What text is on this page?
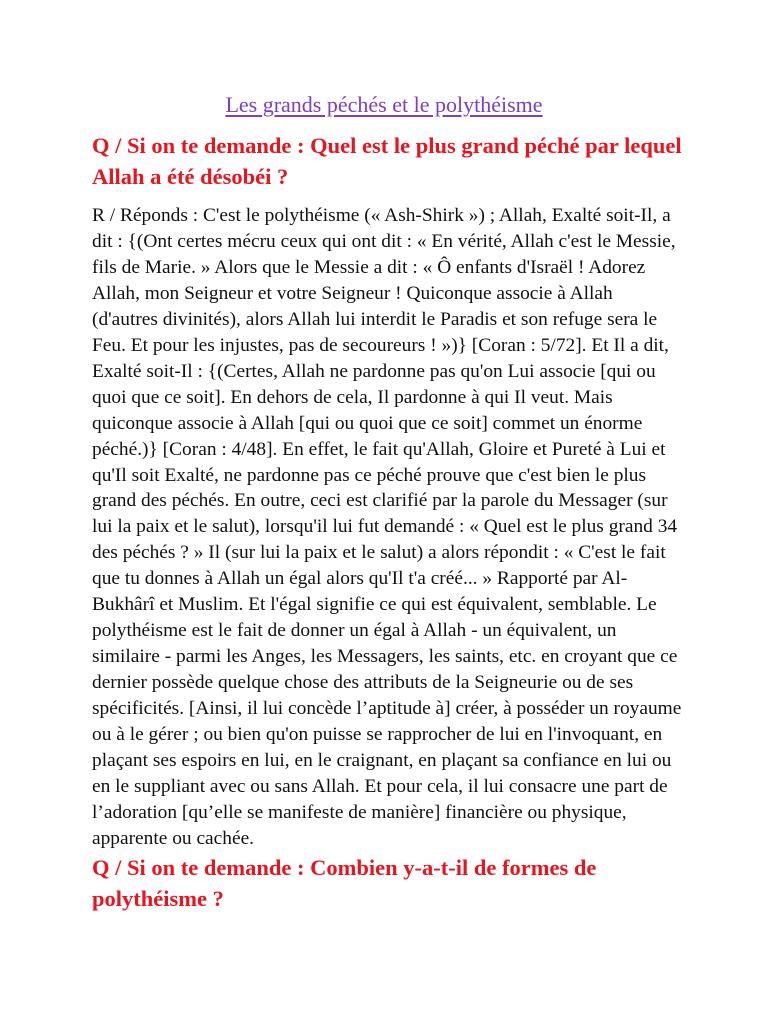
Les grands péchés et le polythéisme

Q / Si on te demande : Quel est le plus grand péché par lequel Allah a été désobéi ?

R / Réponds : C'est le polythéisme (« Ash-Shirk ») ; Allah, Exalté soit-Il, a dit : {(Ont certes mécru ceux qui ont dit : « En vérité, Allah c'est le Messie, fils de Marie. » Alors que le Messie a dit : « Ô enfants d'Israël ! Adorez Allah, mon Seigneur et votre Seigneur ! Quiconque associe à Allah (d'autres divinités), alors Allah lui interdit le Paradis et son refuge sera le Feu. Et pour les injustes, pas de secoureurs ! »)} [Coran : 5/72]. Et Il a dit, Exalté soit-Il : {(Certes, Allah ne pardonne pas qu'on Lui associe [qui ou quoi que ce soit]. En dehors de cela, Il pardonne à qui Il veut. Mais quiconque associe à Allah [qui ou quoi que ce soit] commet un énorme péché.)} [Coran : 4/48]. En effet, le fait qu'Allah, Gloire et Pureté à Lui et qu'Il soit Exalté, ne pardonne pas ce péché prouve que c'est bien le plus grand des péchés. En outre, ceci est clarifié par la parole du Messager (sur lui la paix et le salut), lorsqu'il lui fut demandé : « Quel est le plus grand 34 des péchés ? » Il (sur lui la paix et le salut) a alors répondit : « C'est le fait que tu donnes à Allah un égal alors qu'Il t'a créé... » Rapporté par Al-Bukhârî et Muslim. Et l'égal signifie ce qui est équivalent, semblable. Le polythéisme est le fait de donner un égal à Allah - un équivalent, un similaire - parmi les Anges, les Messagers, les saints, etc. en croyant que ce dernier possède quelque chose des attributs de la Seigneurie ou de ses spécificités. [Ainsi, il lui concède l’aptitude à] créer, à posséder un royaume ou à le gérer ; ou bien qu'on puisse se rapprocher de lui en l'invoquant, en plaçant ses espoirs en lui, en le craignant, en plaçant sa confiance en lui ou en le suppliant avec ou sans Allah. Et pour cela, il lui consacre une part de l’adoration [qu’elle se manifeste de manière] financière ou physique, apparente ou cachée.

Q / Si on te demande : Combien y-a-t-il de formes de polythéisme ?
